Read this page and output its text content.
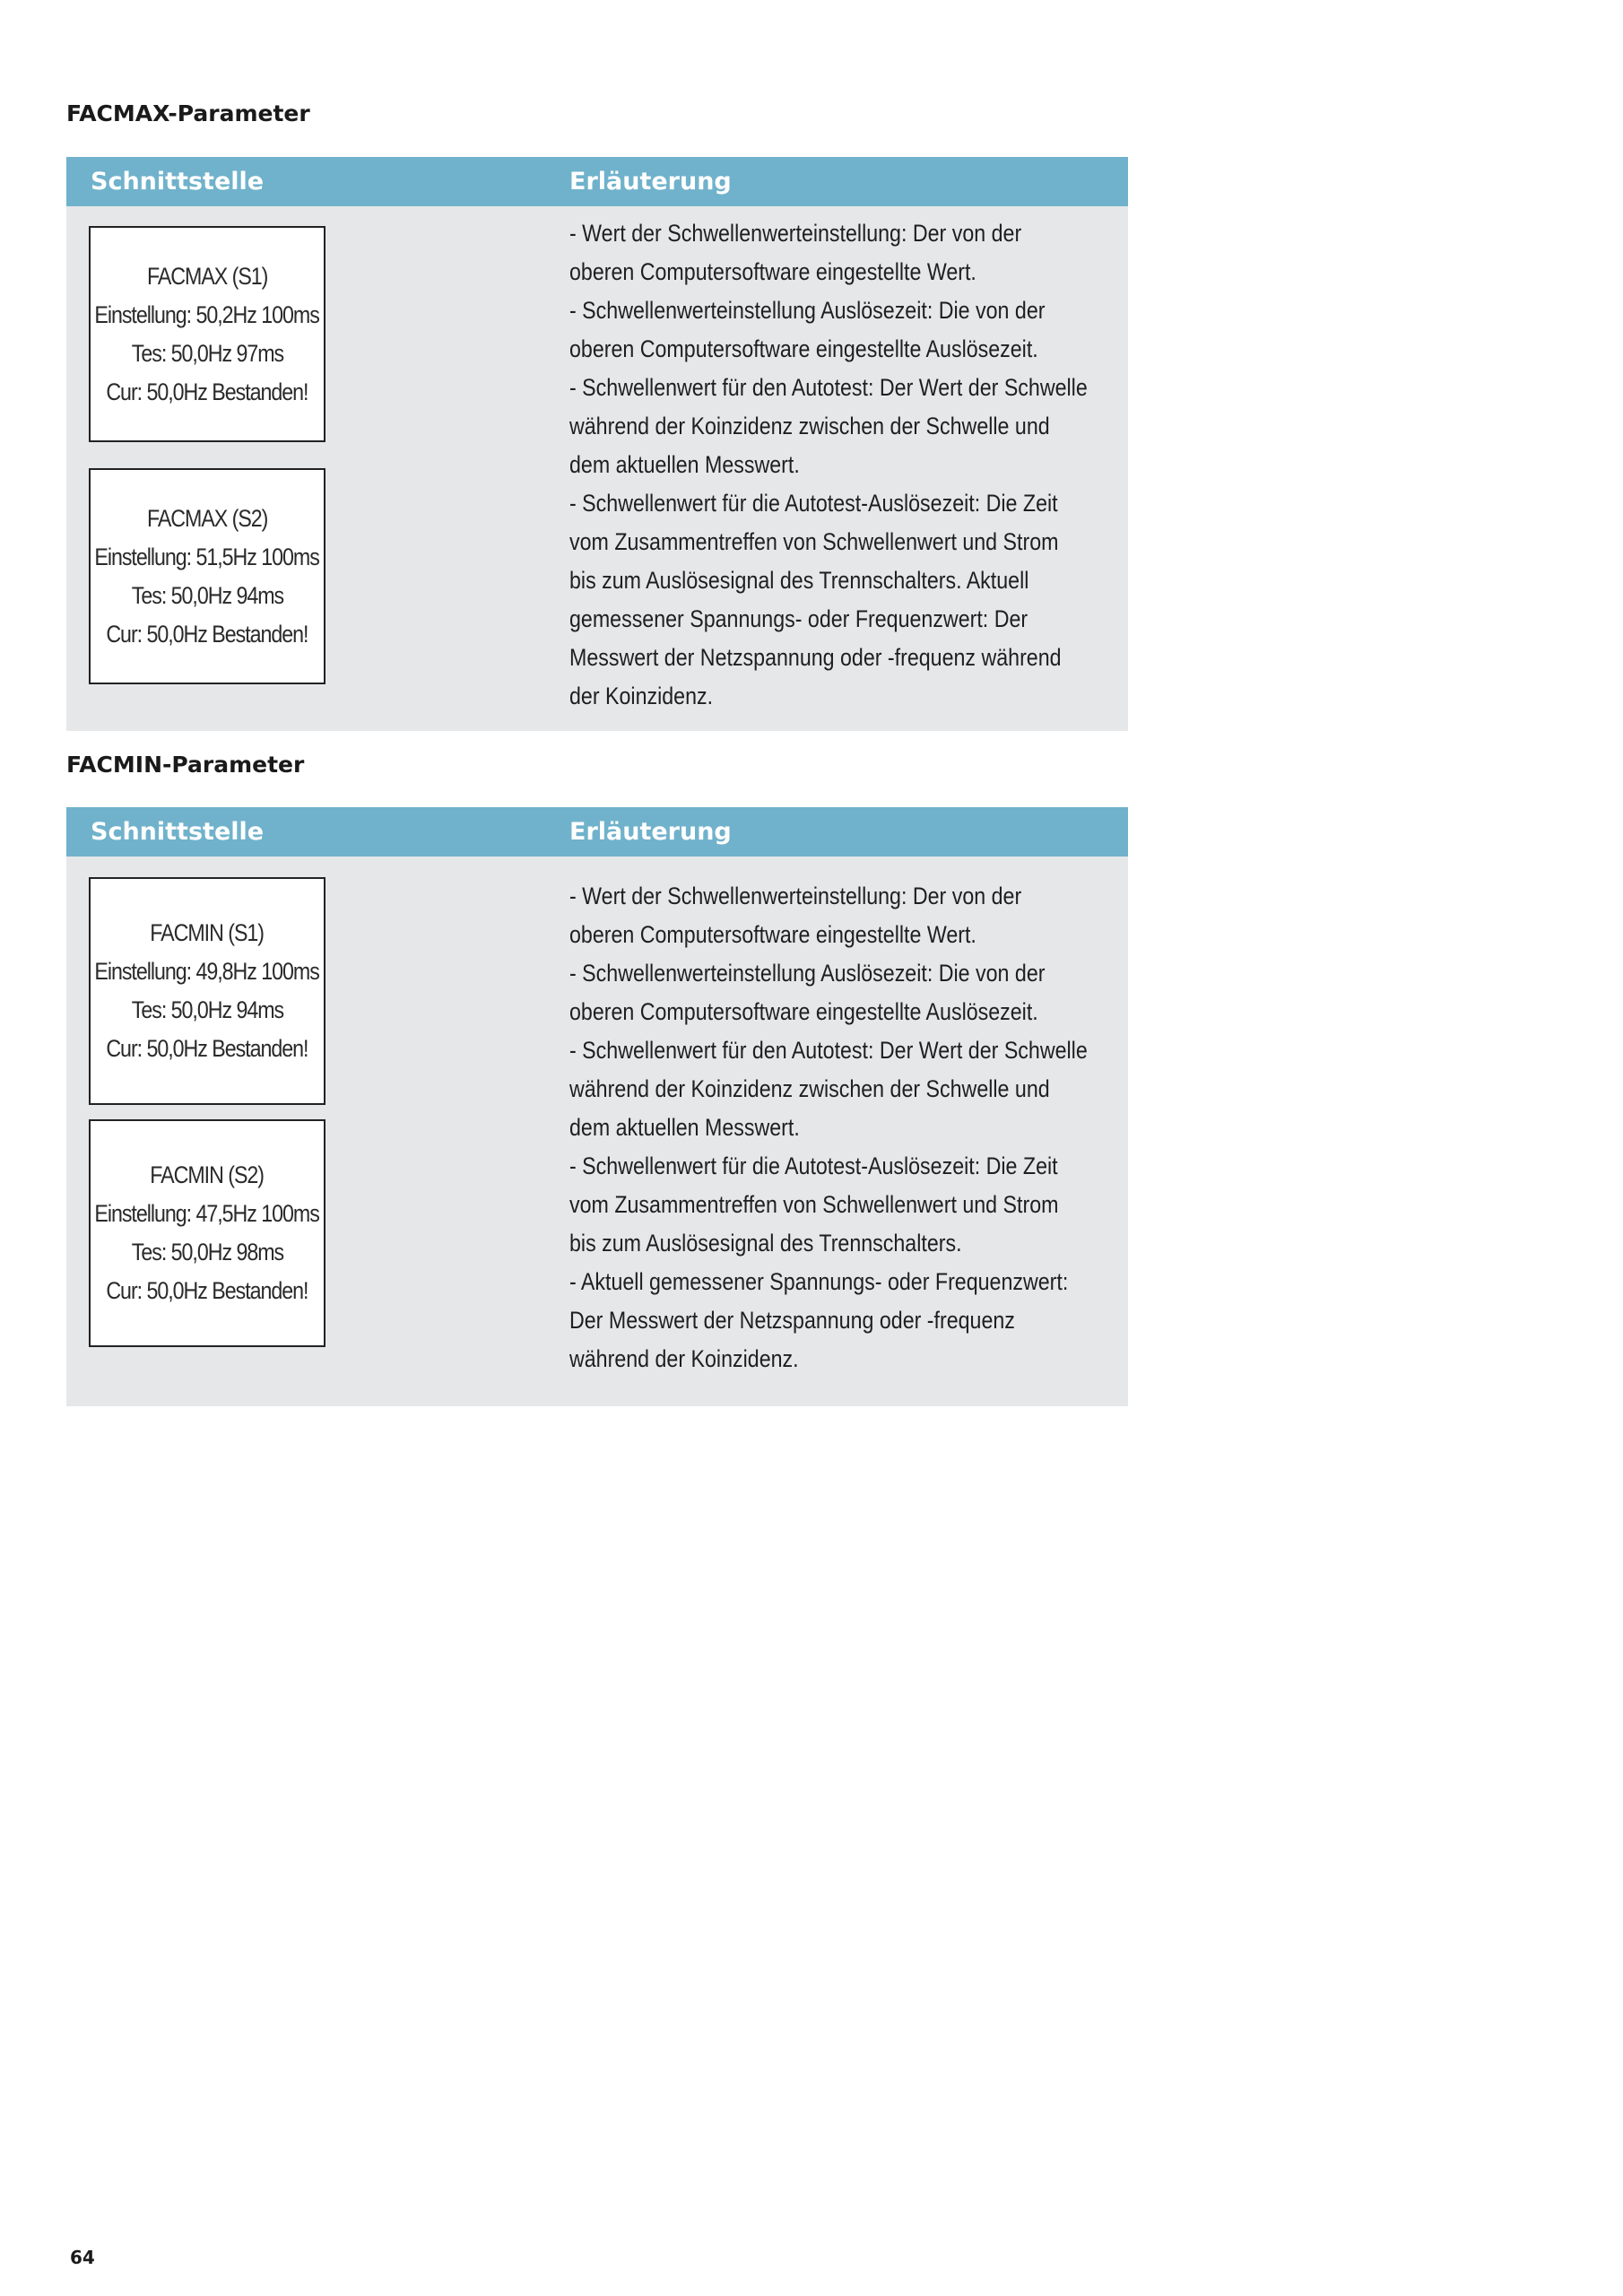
FACMAX-Parameter
Schnittstelle	Erläuterung
FACMAX (S1)
Einstellung: 50,2Hz 100ms
Tes: 50,0Hz 97ms
Cur: 50,0Hz Bestanden!
FACMAX (S2)
Einstellung: 51,5Hz 100ms
Tes: 50,0Hz 94ms
Cur: 50,0Hz Bestanden!
- Wert der Schwellenwerteinstellung: Der von der
oberen Computersoftware eingestellte Wert.
- Schwellenwerteinstellung Auslösezeit: Die von der
oberen Computersoftware eingestellte Auslösezeit.
- Schwellenwert für den Autotest: Der Wert der Schwelle
während der Koinzidenz zwischen der Schwelle und
dem aktuellen Messwert.
- Schwellenwert für die Autotest-Auslösezeit: Die Zeit
vom Zusammentreffen von Schwellenwert und Strom
bis zum Auslösesignal des Trennschalters. Aktuell
gemessener Spannungs- oder Frequenzwert: Der
Messwert der Netzspannung oder -frequenz während
der Koinzidenz.
FACMIN-Parameter
Schnittstelle	Erläuterung
FACMIN (S1)
Einstellung: 49,8Hz 100ms
Tes: 50,0Hz 94ms
Cur: 50,0Hz Bestanden!
FACMIN (S2)
Einstellung: 47,5Hz 100ms
Tes: 50,0Hz 98ms
Cur: 50,0Hz Bestanden!
- Wert der Schwellenwerteinstellung: Der von der
oberen Computersoftware eingestellte Wert.
- Schwellenwerteinstellung Auslösezeit: Die von der
oberen Computersoftware eingestellte Auslösezeit.
- Schwellenwert für den Autotest: Der Wert der Schwelle
während der Koinzidenz zwischen der Schwelle und
dem aktuellen Messwert.
- Schwellenwert für die Autotest-Auslösezeit: Die Zeit
vom Zusammentreffen von Schwellenwert und Strom
bis zum Auslösesignal des Trennschalters.
- Aktuell gemessener Spannungs- oder Frequenzwert:
Der Messwert der Netzspannung oder -frequenz
während der Koinzidenz.
64
